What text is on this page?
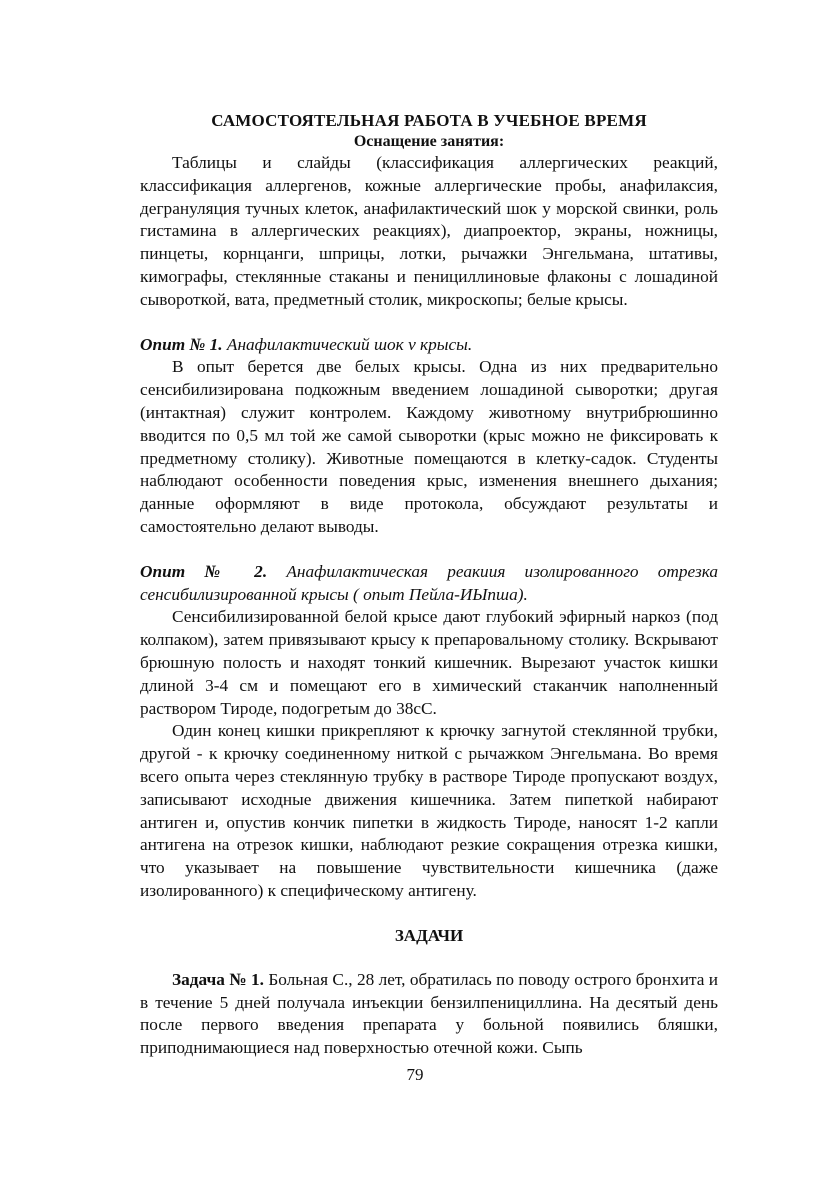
САМОСТОЯТЕЛЬНАЯ РАБОТА В УЧЕБНОЕ ВРЕМЯ
Оснащение занятия:

Таблицы и слайды (классификация аллергических реакций, классификация аллергенов, кожные аллергические пробы, анафилаксия, дегрануляция тучных клеток, анафилактический шок у морской свинки, роль гистамина в аллергических реакциях), диапроектор, экраны, ножницы, пинцеты, корнцанги, шприцы, лотки, рычажки Энгельмана, штативы, кимографы, стеклянные стаканы и пенициллиновые флаконы с лошадиной сывороткой, вата, предметный столик, микроскопы; белые крысы.

Опит № 1. Анафилактический шок v крысы.

В опыт берется две белых крысы. Одна из них предварительно сенсибилизирована подкожным введением лошадиной сыворотки; другая (интактная) служит контролем. Каждому животному внутрибрюшинно вводится по 0,5 мл той же самой сыворотки (крыс можно не фиксировать к предметному столику). Животные помещаются в клетку-садок. Студенты наблюдают особенности поведения крыс, изменения внешнего дыхания; данные оформляют в виде протокола, обсуждают результаты и самостоятельно делают выводы.

Опит № 2. Анафилактическая реакиия изолированного отрезка сенсибилизированной крысы ( опыт Пейла-ИЫпша).

Сенсибилизированной белой крысе дают глубокий эфирный наркоз (под колпаком), затем привязывают крысу к препаровальному столику. Вскрывают брюшную полость и находят тонкий кишечник. Вырезают участок кишки длиной 3-4 см и помещают его в химический стаканчик наполненный раствором Тироде, подогретым до 38сС.

Один конец кишки прикрепляют к крючку загнутой стеклянной трубки, другой - к крючку соединенному ниткой с рычажком Энгельмана. Во время всего опыта через стеклянную трубку в растворе Тироде пропускают воздух, записывают исходные движения кишечника. Затем пипеткой набирают антиген и, опустив кончик пипетки в жидкость Тироде, наносят 1-2 капли антигена на отрезок кишки, наблюдают резкие сокращения отрезка кишки, что указывает на повышение чувствительности кишечника (даже изолированного) к специфическому антигену.

ЗАДАЧИ

Задача № 1. Больная С., 28 лет, обратилась по поводу острого бронхита и в течение 5 дней получала инъекции бензилпенициллина. На десятый день после первого введения препарата у больной появились бляшки, приподнимающиеся над поверхностью отечной кожи. Сыпь

79
